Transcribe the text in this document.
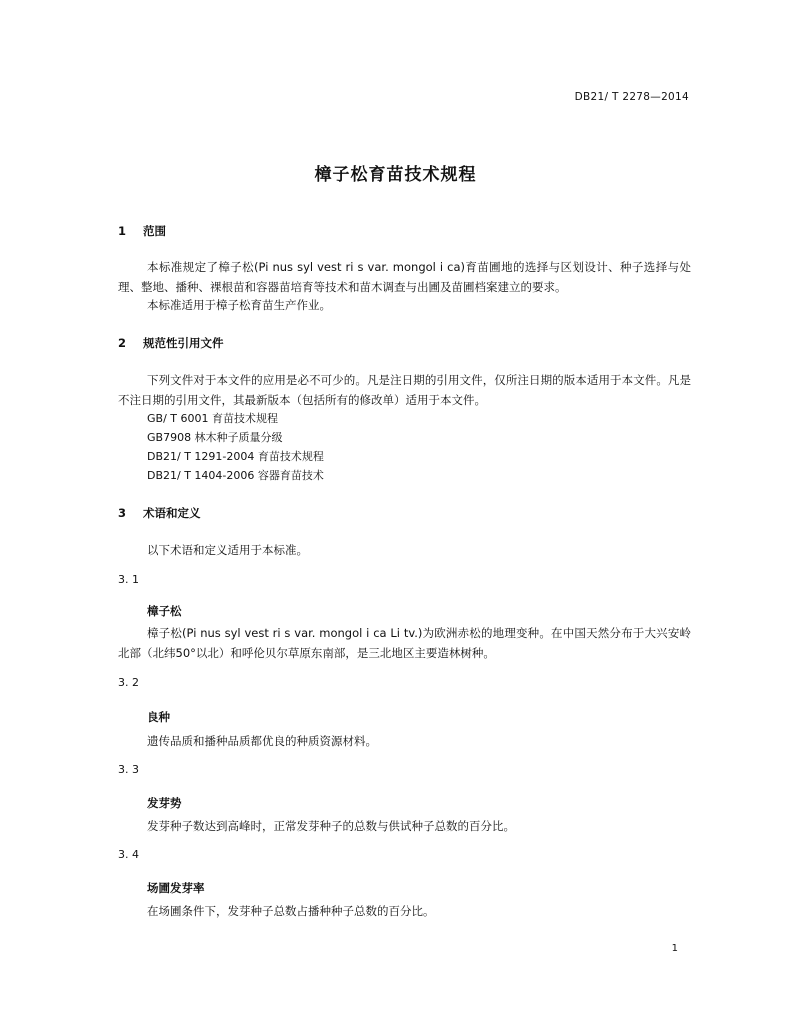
DB21/ T 2278—2014
樟子松育苗技术规程
1 范围
本标准规定了樟子松(Pi nus syl vest ri s var. mongol i ca)育苗圃地的选择与区划设计、种子选择与处理、整地、播种、裸根苗和容器苗培育等技术和苗木调查与出圃及苗圃档案建立的要求。
本标准适用于樟子松育苗生产作业。
2 规范性引用文件
下列文件对于本文件的应用是必不可少的。凡是注日期的引用文件，仅所注日期的版本适用于本文件。凡是不注日期的引用文件，其最新版本（包括所有的修改单）适用于本文件。
GB/ T 6001 育苗技术规程
GB7908 林木种子质量分级
DB21/ T 1291-2004 育苗技术规程
DB21/ T 1404-2006 容器育苗技术
3 术语和定义
以下术语和定义适用于本标准。
3. 1
樟子松
樟子松(Pi nus syl vest ri s var. mongol i ca Li tv.)为欧洲赤松的地理变种。在中国天然分布于大兴安岭北部（北纬50°以北）和呼伦贝尔草原东南部，是三北地区主要造林树种。
3. 2
良种
遗传品质和播种品质都优良的种质资源材料。
3. 3
发芽势
发芽种子数达到高峰时，正常发芽种子的总数与供试种子总数的百分比。
3. 4
场圃发芽率
在场圃条件下，发芽种子总数占播种种子总数的百分比。
1
